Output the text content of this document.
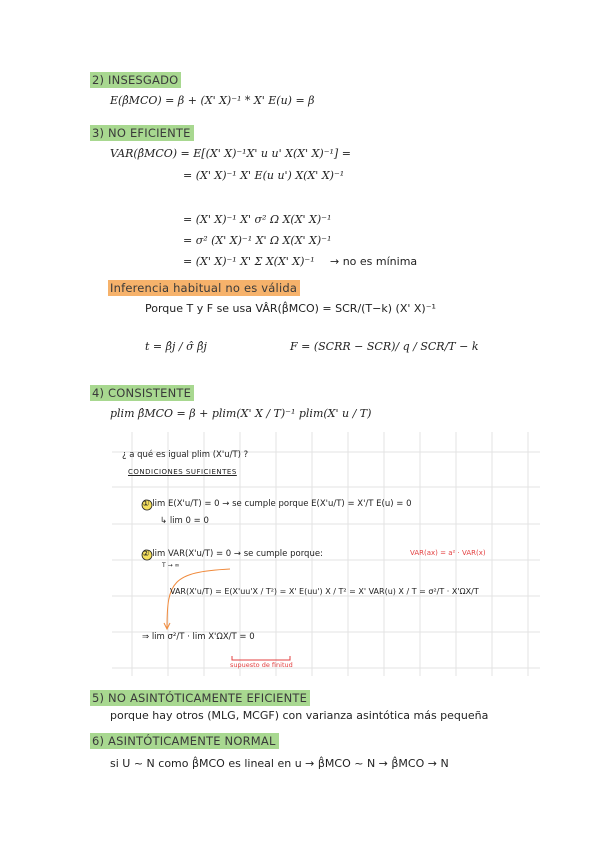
2) INSESGADO
E(β̂MCO) = β + (X' X)⁻¹ * X' E(u) = β
3) NO EFICIENTE
VAR(β̂MCO) = E[(X' X)⁻¹X' u u' X(X' X)⁻¹] =
= (X' X)⁻¹ X' E(u u') X(X' X)⁻¹
= (X' X)⁻¹ X' σ² Ω X(X' X)⁻¹
= σ² (X' X)⁻¹ X' Ω X(X' X)⁻¹
= (X' X)⁻¹ X' Σ X(X' X)⁻¹ → no es mínima
Inferencia habitual no es válida
Porque T y F se usa VÂR(β̂MCO) = SCR/(T−k) (X' X)⁻¹
t = β̂j / σ̂ β̂j	F = (SCRR − SCR)/ q / SCR/T − k
4) CONSISTENTE
plim β̂MCO = β + plim(X' X / T)⁻¹ plim(X' u / T)
¿ a qué es igual plim (X'u/T) ?
CONDICIONES SUFICIENTES
① lim E(X'u/T) = 0 → se cumple porque E(X'u/T) = X'/T E(u) = 0
↳ lim 0 = 0
② lim VAR(X'u/T) = 0 → se cumple porque:	VAR(ax) = a² · VAR(x)
T → ∞
VAR(X'u/T) = E(X'uu'X / T²) = X' E(uu') X / T² = X' VAR(u) X / T = σ²/T · X'ΩX/T
⇒ lim σ²/T · lim X'ΩX/T = 0
supuesto de finitud
5) NO ASINTÓTICAMENTE EFICIENTE
porque hay otros (MLG, MCGF) con varianza asintótica más pequeña
6) ASINTÓTICAMENTE NORMAL
si U ~ N como β̂MCO es lineal en u → β̂MCO ~ N → β̂MCO → N
